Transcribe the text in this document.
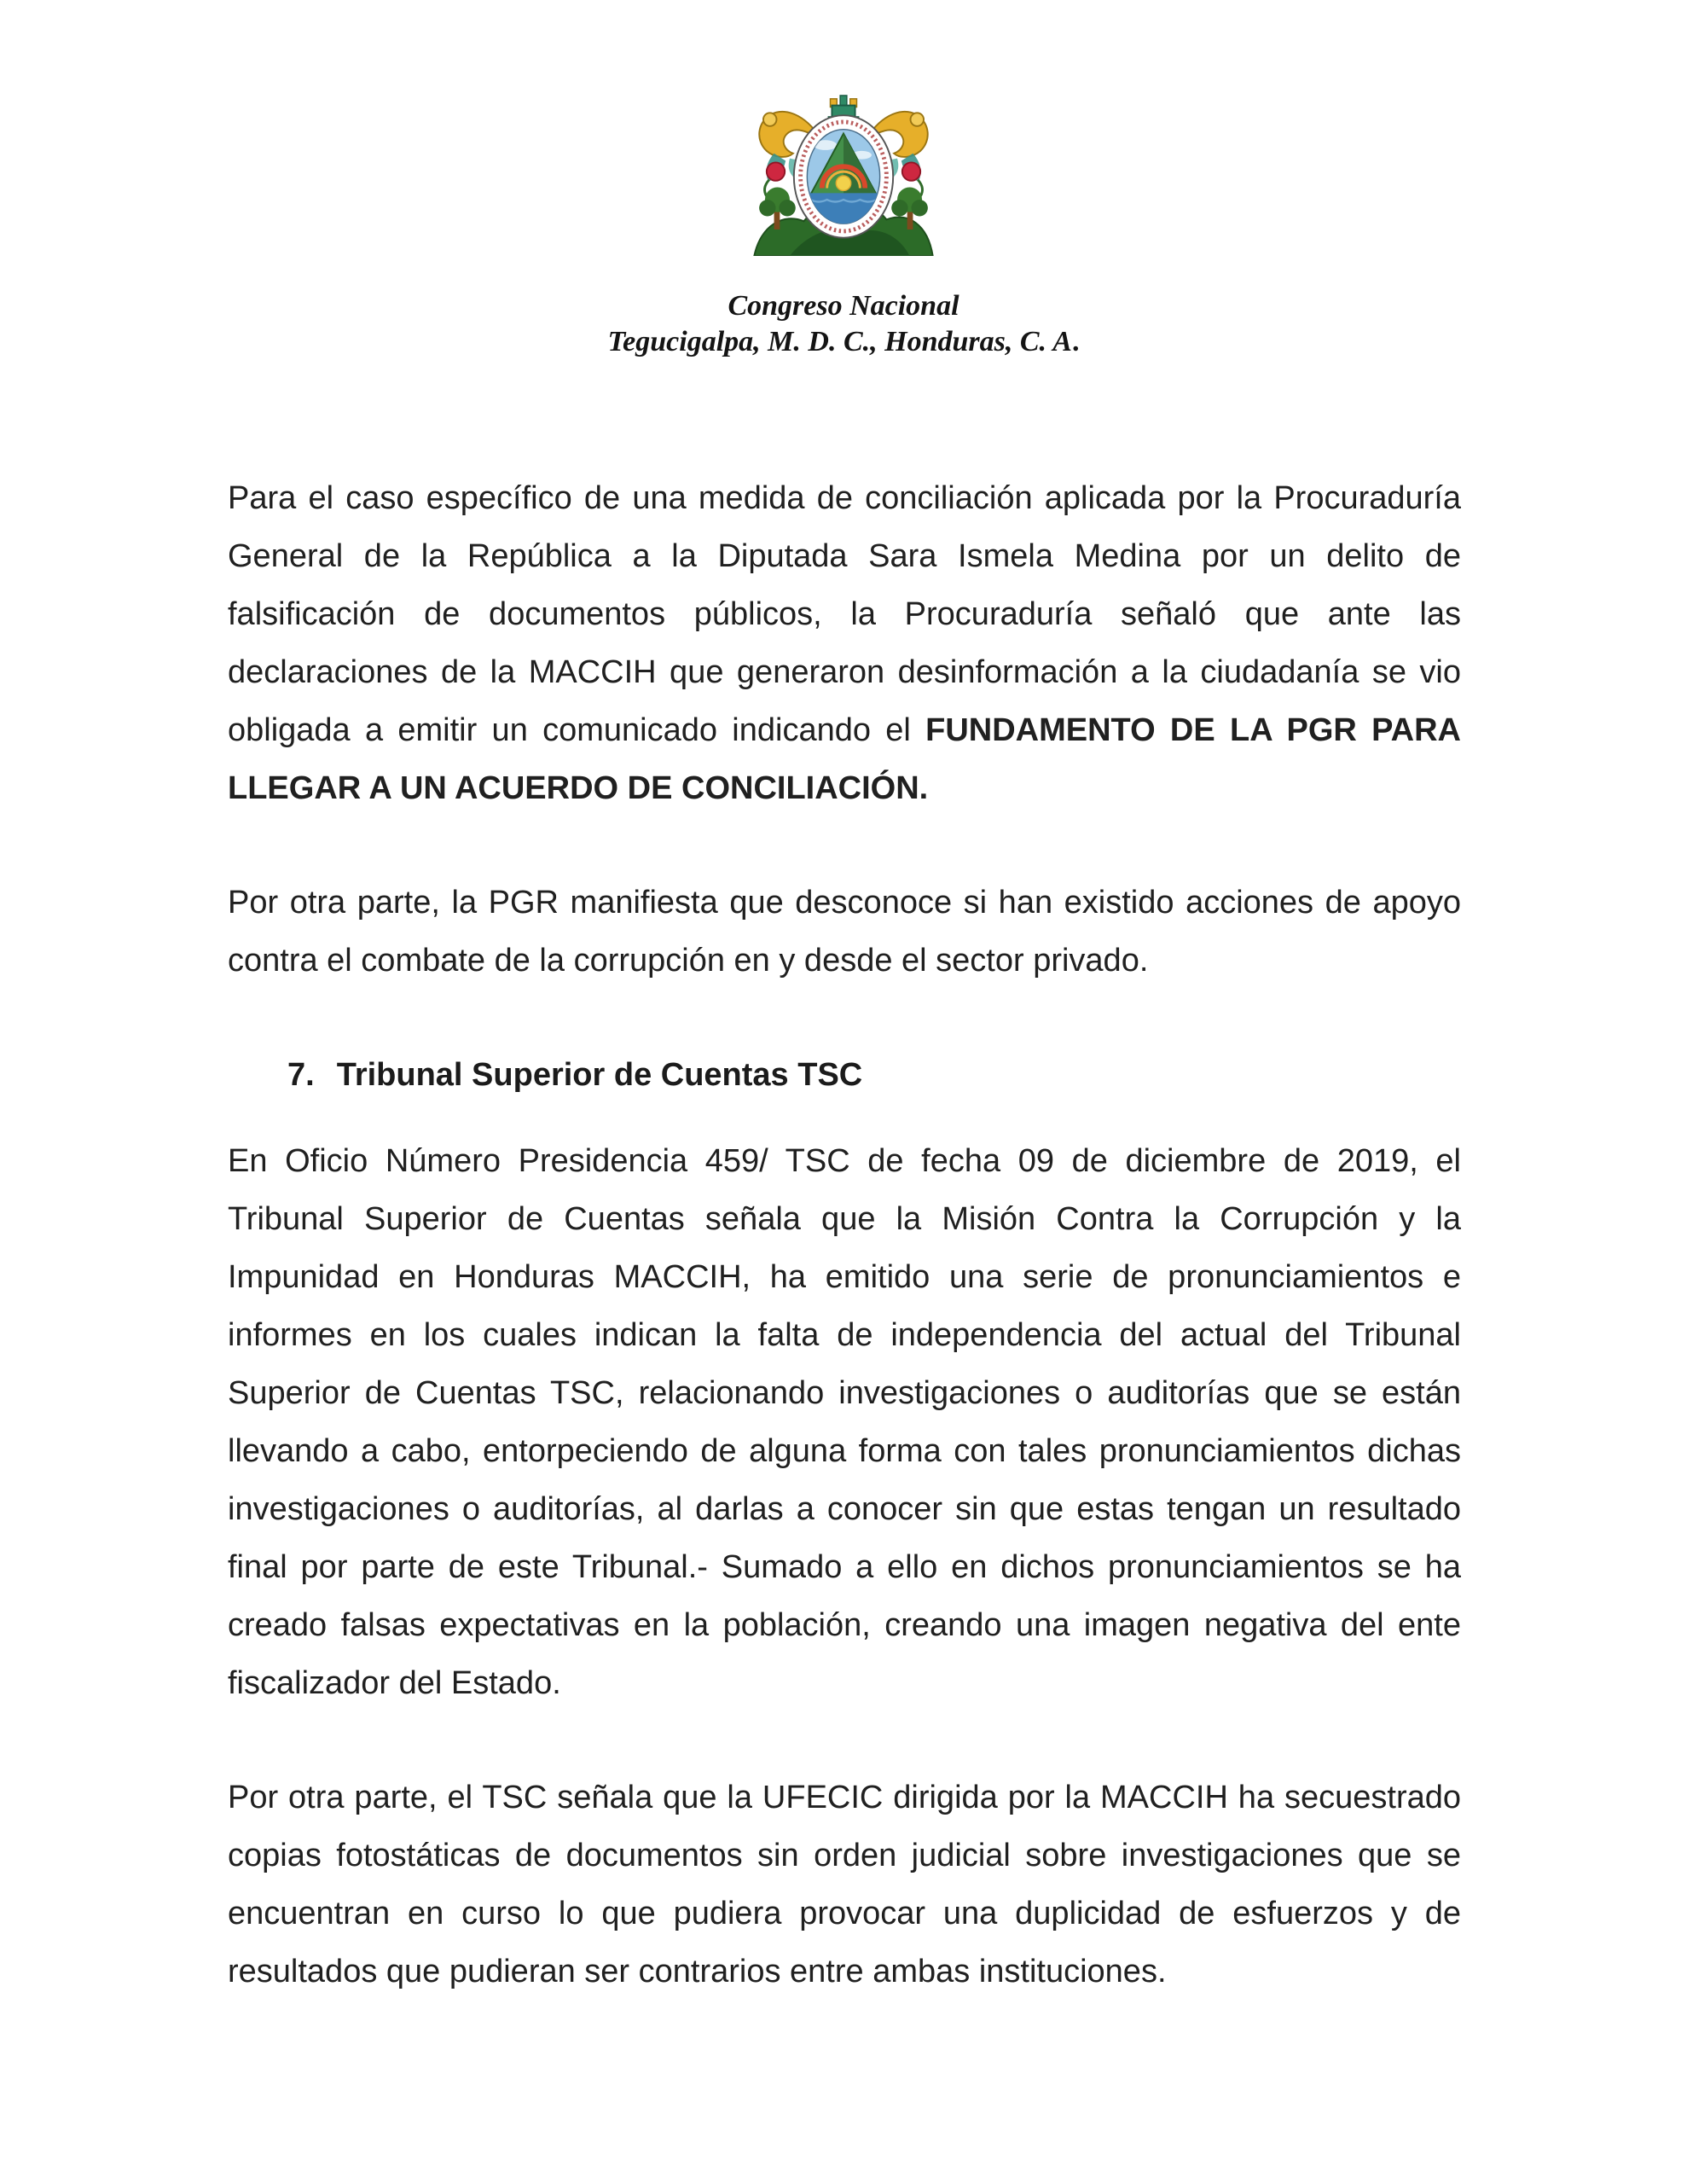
Congreso Nacional
Tegucigalpa, M. D. C., Honduras, C. A.

Para el caso específico de una medida de conciliación aplicada por la Procuraduría General de la República a la Diputada Sara Ismela Medina por un delito de falsificación de documentos públicos, la Procuraduría señaló que ante las declaraciones de la MACCIH que generaron desinformación a la ciudadanía se vio obligada a emitir un comunicado indicando el FUNDAMENTO DE LA PGR PARA LLEGAR A UN ACUERDO DE CONCILIACIÓN.

Por otra parte, la PGR manifiesta que desconoce si han existido acciones de apoyo contra el combate de la corrupción en y desde el sector privado.

7. Tribunal Superior de Cuentas TSC

En Oficio Número Presidencia 459/ TSC de fecha 09 de diciembre de 2019, el Tribunal Superior de Cuentas señala que la Misión Contra la Corrupción y la Impunidad en Honduras MACCIH, ha emitido una serie de pronunciamientos e informes en los cuales indican la falta de independencia del actual del Tribunal Superior de Cuentas TSC, relacionando investigaciones o auditorías que se están llevando a cabo, entorpeciendo de alguna forma con tales pronunciamientos dichas investigaciones o auditorías, al darlas a conocer sin que estas tengan un resultado final por parte de este Tribunal.- Sumado a ello en dichos pronunciamientos se ha creado falsas expectativas en la población, creando una imagen negativa del ente fiscalizador del Estado.

Por otra parte, el TSC señala que la UFECIC dirigida por la MACCIH ha secuestrado copias fotostáticas de documentos sin orden judicial sobre investigaciones que se encuentran en curso lo que pudiera provocar una duplicidad de esfuerzos y de resultados que pudieran ser contrarios entre ambas instituciones.
